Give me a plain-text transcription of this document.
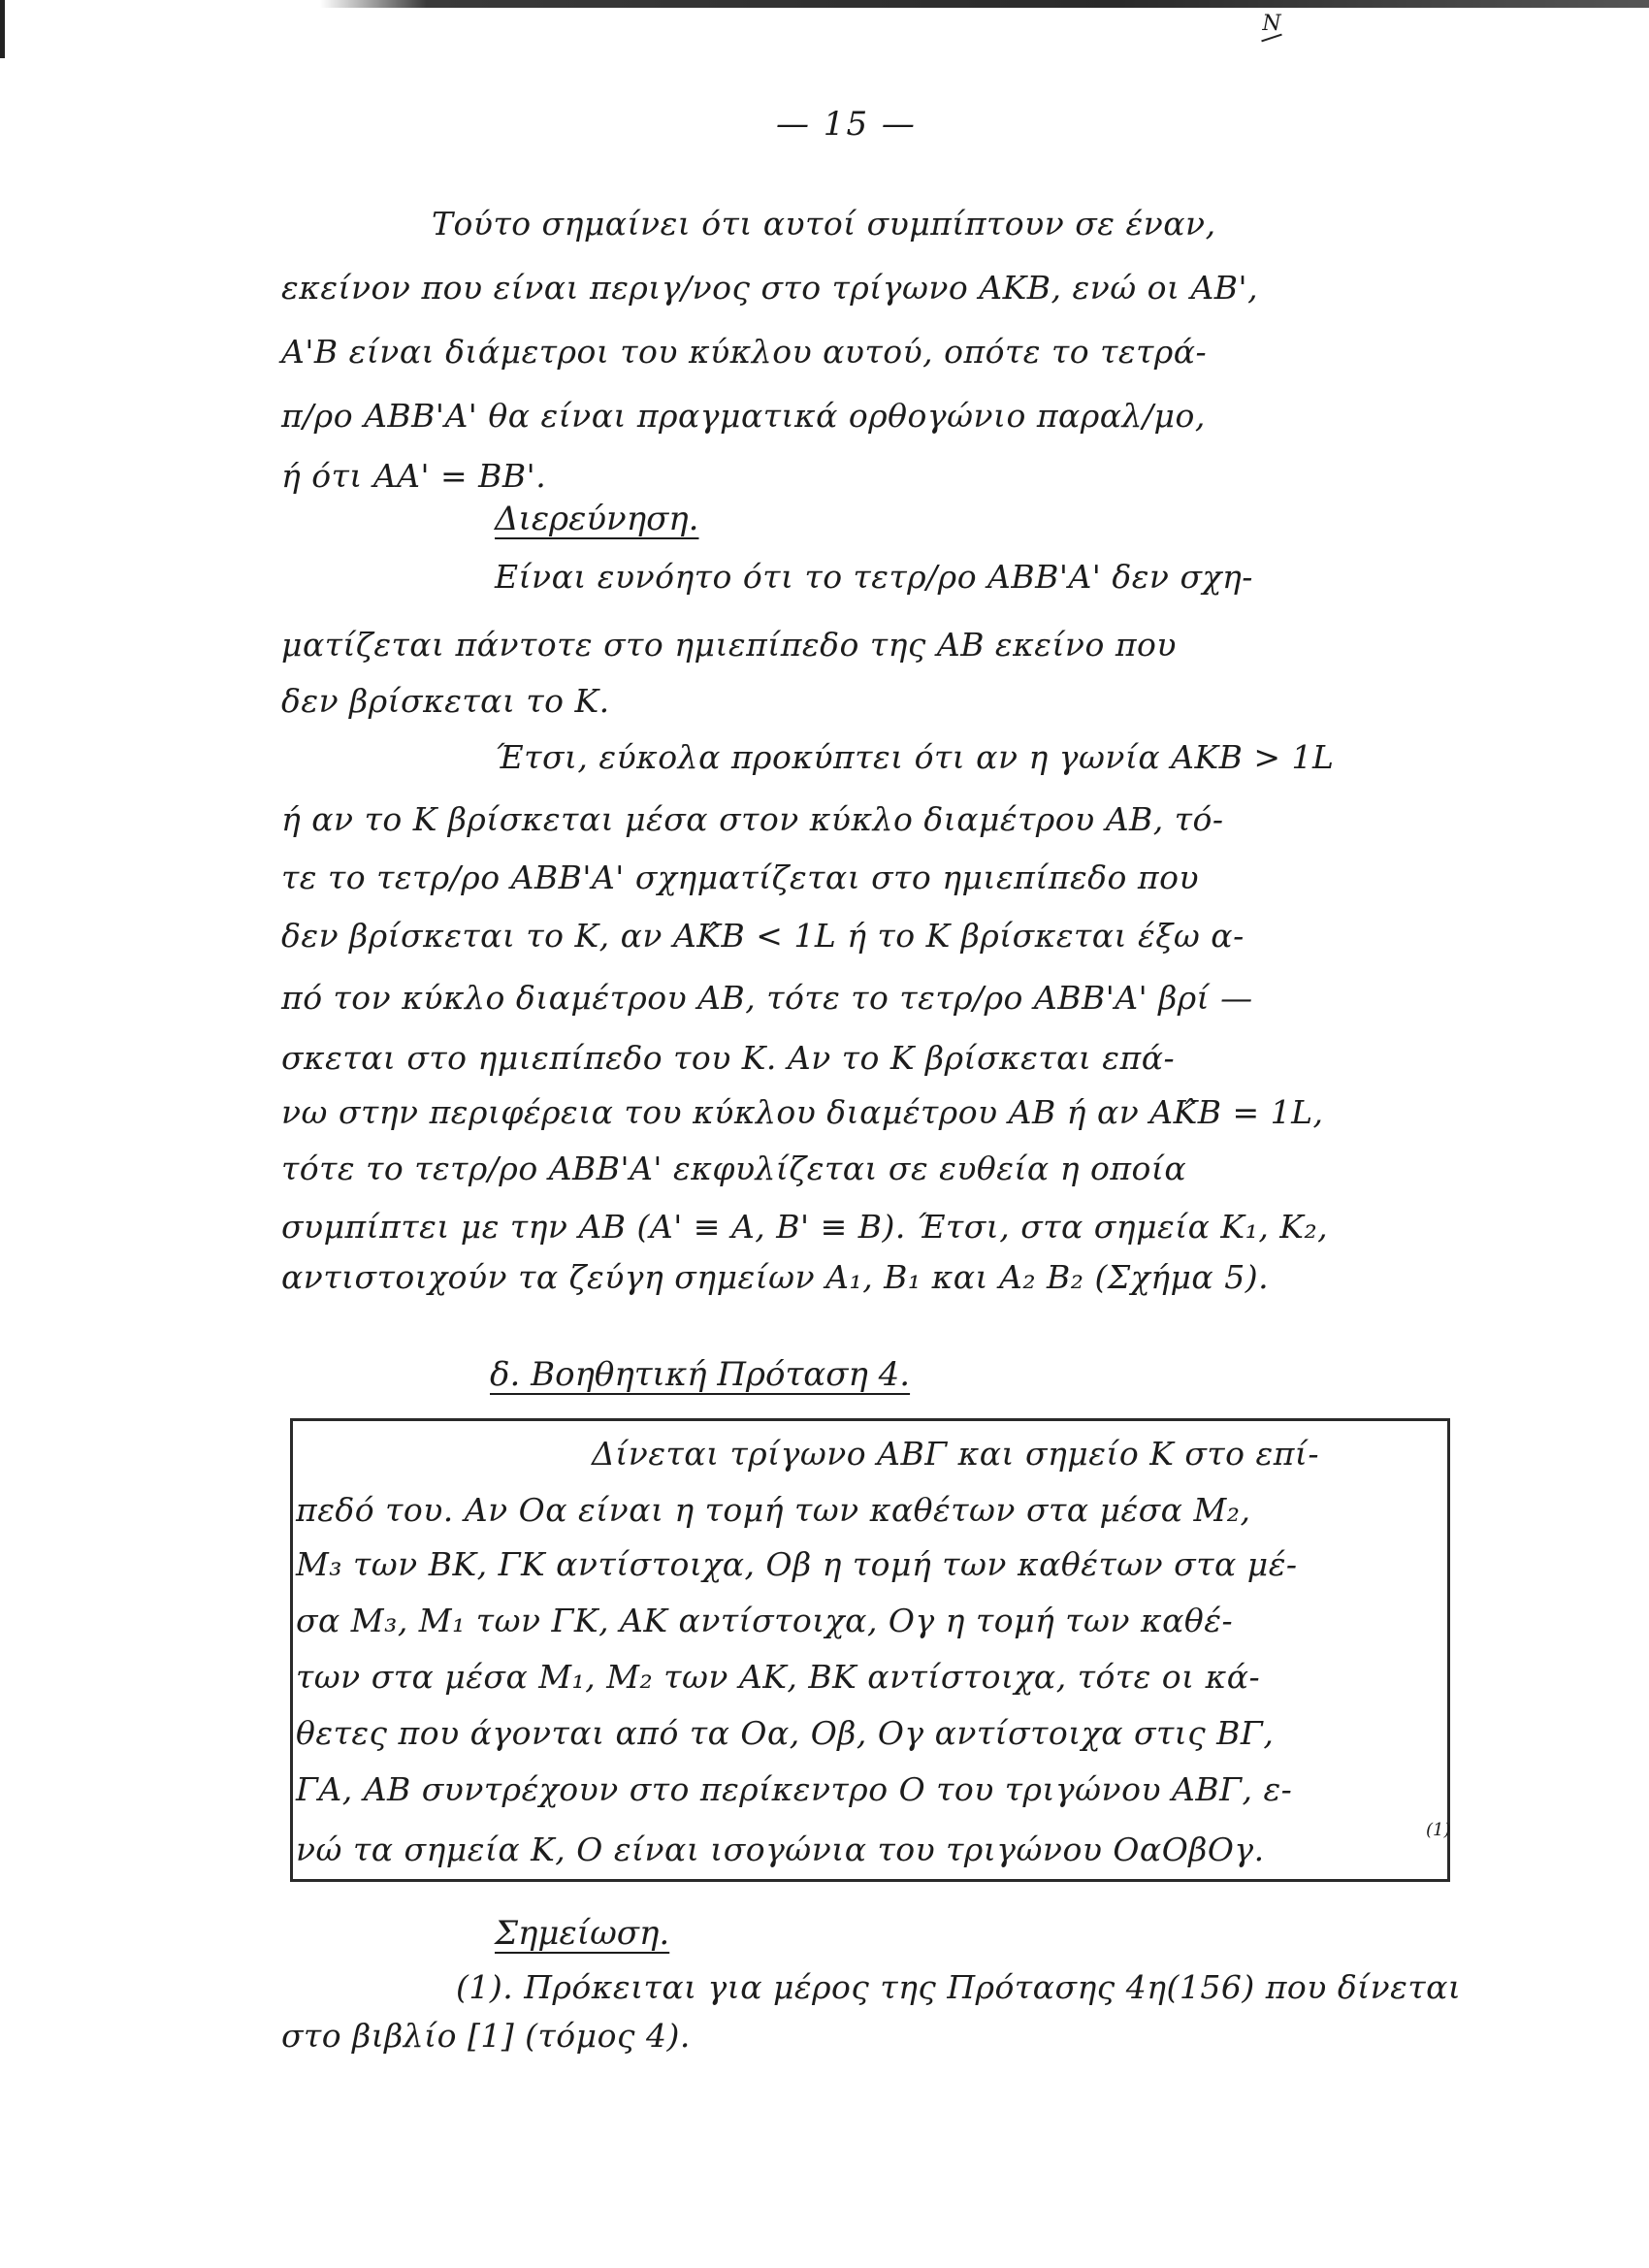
N
— 15 —
Τούτο σημαίνει ότι αυτοί συμπίπτουν σε έναν,
εκείνον που είναι περιγ/νος στο τρίγωνο ΑΚΒ, ενώ οι ΑΒ',
Α'Β είναι διάμετροι του κύκλου αυτού, οπότε το τετρά-
π/ρο ΑΒΒ'Α' θα είναι πραγματικά ορθογώνιο παραλ/μο,
ή ότι ΑΑ' = ΒΒ'.
Διερεύνηση.
Είναι ευνόητο ότι το τετρ/ρο ΑΒΒ'Α' δεν σχη-
ματίζεται πάντοτε στο ημιεπίπεδο της ΑΒ εκείνο που
δεν βρίσκεται το Κ.
Έτσι, εύκολα προκύπτει ότι αν η γωνία ΑΚΒ > 1L
ή αν το Κ βρίσκεται μέσα στον κύκλο διαμέτρου ΑΒ, τό-
τε το τετρ/ρο ΑΒΒ'Α' σχηματίζεται στο ημιεπίπεδο που
δεν βρίσκεται το Κ, αν ΑΚ̂Β < 1L ή το Κ βρίσκεται έξω α-
πό τον κύκλο διαμέτρου ΑΒ, τότε το τετρ/ρο ΑΒΒ'Α' βρί —
σκεται στο ημιεπίπεδο του Κ. Αν το Κ βρίσκεται επά-
νω στην περιφέρεια του κύκλου διαμέτρου ΑΒ ή αν ΑΚ̂Β = 1L,
τότε το τετρ/ρο ΑΒΒ'Α' εκφυλίζεται σε ευθεία η οποία
συμπίπτει με την ΑΒ (Α' ≡ Α, Β' ≡ Β). Έτσι, στα σημεία Κ₁, Κ₂,
αντιστοιχούν τα ζεύγη σημείων Α₁, Β₁ και Α₂ Β₂ (Σχήμα 5).
δ. Βοηθητική Πρόταση 4.
Δίνεται τρίγωνο ΑΒΓ και σημείο Κ στο επί-
πεδό του. Αν Οα είναι η τομή των καθέτων στα μέσα Μ₂,
Μ₃ των ΒΚ, ΓΚ αντίστοιχα, Οβ η τομή των καθέτων στα μέ-
σα Μ₃, Μ₁ των ΓΚ, ΑΚ αντίστοιχα, Ογ η τομή των καθέ-
των στα μέσα Μ₁, Μ₂ των ΑΚ, ΒΚ αντίστοιχα, τότε οι κά-
θετες που άγονται από τα Οα, Οβ, Ογ αντίστοιχα στις ΒΓ,
ΓΑ, ΑΒ συντρέχουν στο περίκεντρο Ο του τριγώνου ΑΒΓ, ε-
νώ τα σημεία Κ, Ο είναι ισογώνια του τριγώνου ΟαΟβΟγ.
(1)
Σημείωση.
(1). Πρόκειται για μέρος της Πρότασης 4η(156) που δίνεται
στο βιβλίο [1] (τόμος 4).
